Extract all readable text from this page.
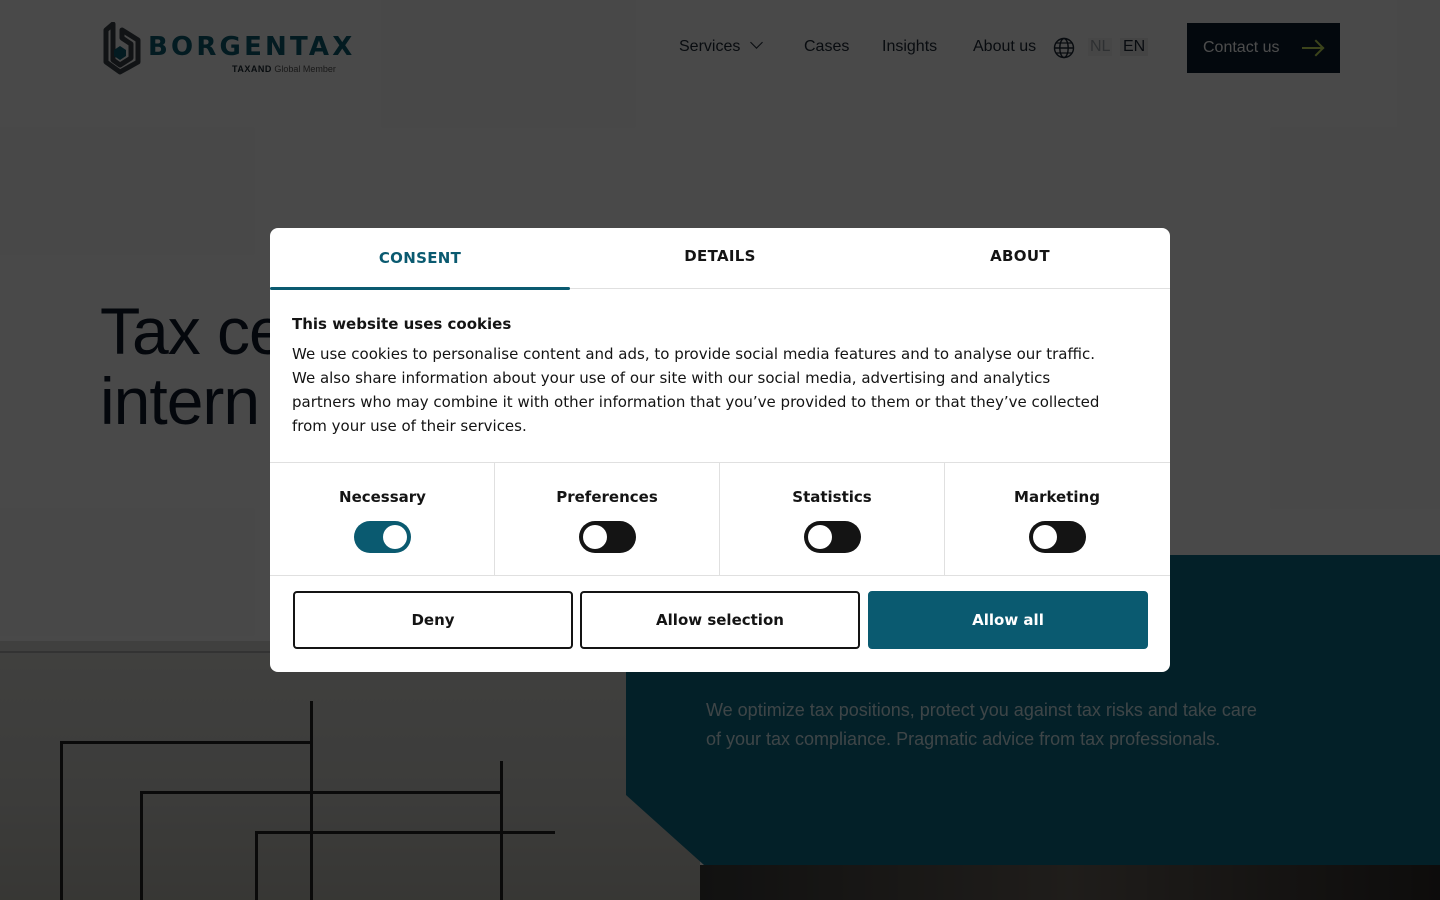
CONSENT	DETAILS	ABOUT
This website uses cookies
We use cookies to personalise content and ads, to provide social media features and to analyse our traffic. We also share information about your use of our site with our social media, advertising and analytics partners who may combine it with other information that you’ve provided to them or that they’ve collected from your use of their services.
Necessary	Preferences	Statistics	Marketing
Deny	Allow selection	Allow all
